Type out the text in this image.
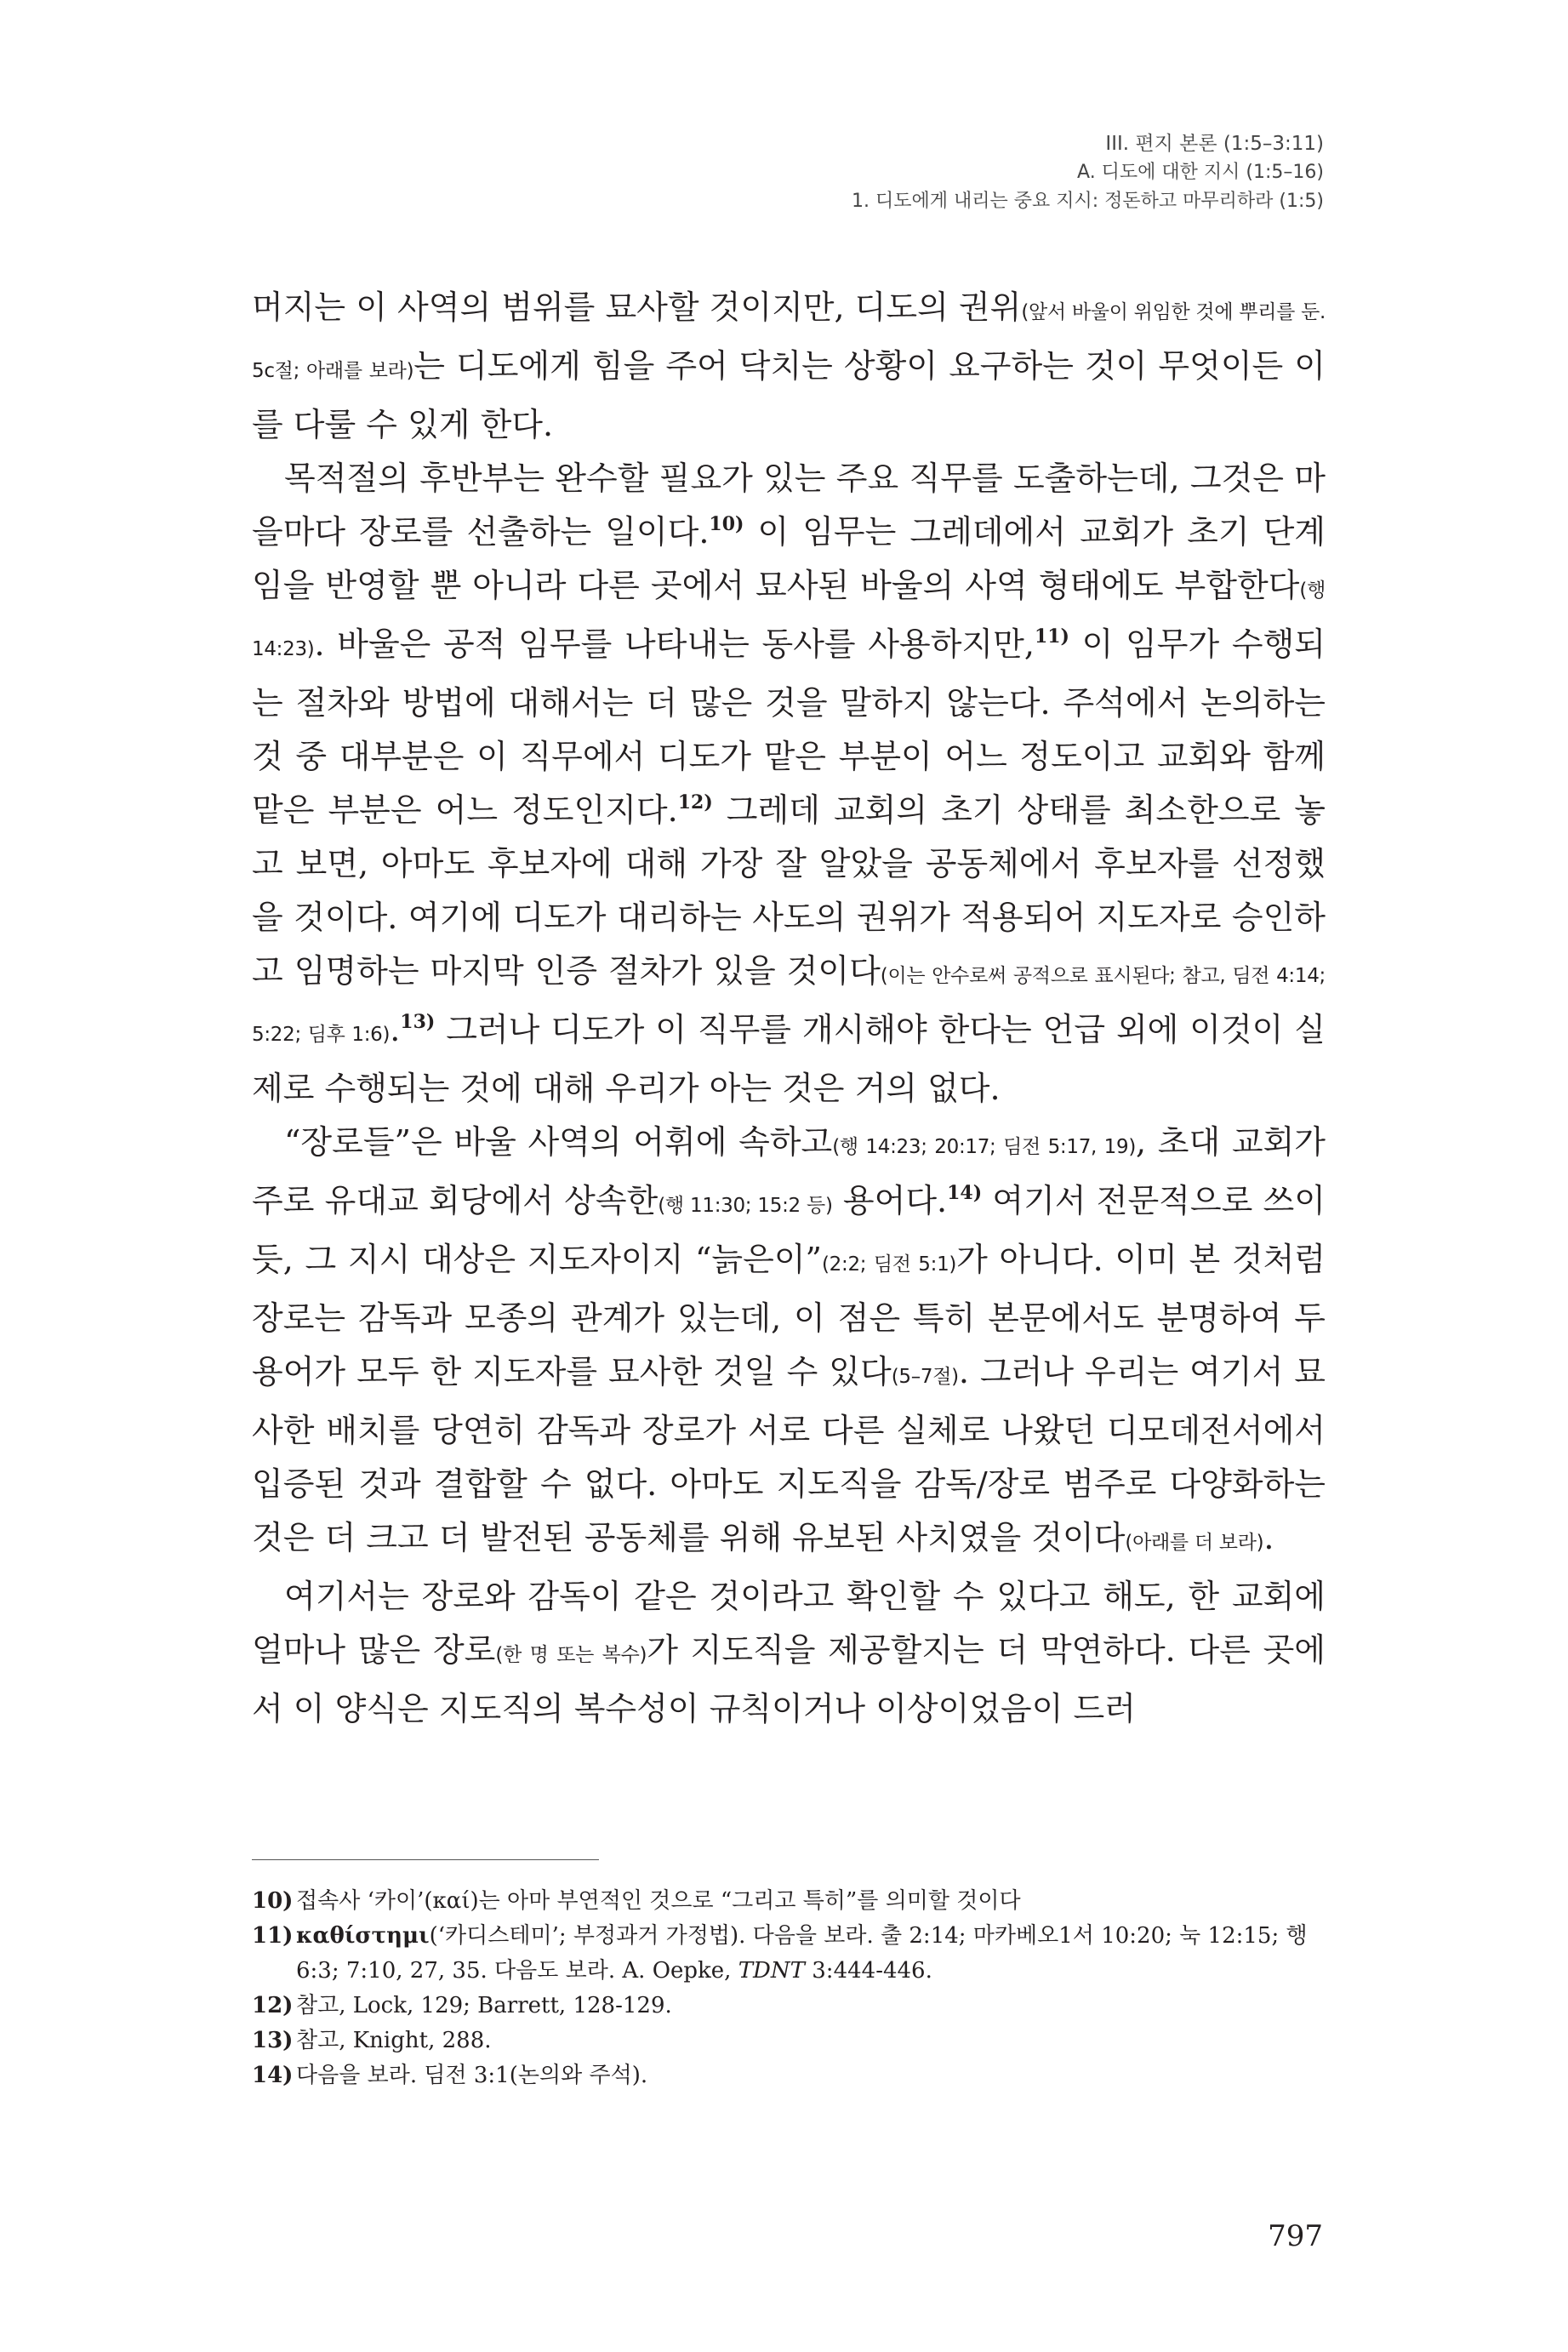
III. 편지 본론 (1:5–3:11)
A. 디도에 대한 지시 (1:5–16)
1. 디도에게 내리는 중요 지시: 정돈하고 마무리하라 (1:5)

머지는 이 사역의 범위를 묘사할 것이지만, 디도의 권위(앞서 바울이 위임한 것에 뿌리를 둔. 5c절; 아래를 보라)는 디도에게 힘을 주어 닥치는 상황이 요구하는 것이 무엇이든 이를 다룰 수 있게 한다.

목적절의 후반부는 완수할 필요가 있는 주요 직무를 도출하는데, 그것은 마을마다 장로를 선출하는 일이다.$^{10)}$ 이 임무는 그레데에서 교회가 초기 단계임을 반영할 뿐 아니라 다른 곳에서 묘사된 바울의 사역 형태에도 부합한다(행 14:23). 바울은 공적 임무를 나타내는 동사를 사용하지만,$^{11)}$ 이 임무가 수행되는 절차와 방법에 대해서는 더 많은 것을 말하지 않는다. 주석에서 논의하는 것 중 대부분은 이 직무에서 디도가 맡은 부분이 어느 정도이고 교회와 함께 맡은 부분은 어느 정도인지다.$^{12)}$ 그레데 교회의 초기 상태를 최소한으로 놓고 보면, 아마도 후보자에 대해 가장 잘 알았을 공동체에서 후보자를 선정했을 것이다. 여기에 디도가 대리하는 사도의 권위가 적용되어 지도자로 승인하고 임명하는 마지막 인증 절차가 있을 것이다(이는 안수로써 공적으로 표시된다; 참고, 딤전 4:14; 5:22; 딤후 1:6).$^{13)}$ 그러나 디도가 이 직무를 개시해야 한다는 언급 외에 이것이 실제로 수행되는 것에 대해 우리가 아는 것은 거의 없다.

“장로들”은 바울 사역의 어휘에 속하고(행 14:23; 20:17; 딤전 5:17, 19), 초대 교회가 주로 유대교 회당에서 상속한(행 11:30; 15:2 등) 용어다.$^{14)}$ 여기서 전문적으로 쓰이듯, 그 지시 대상은 지도자이지 “늙은이”(2:2; 딤전 5:1)가 아니다. 이미 본 것처럼 장로는 감독과 모종의 관계가 있는데, 이 점은 특히 본문에서도 분명하여 두 용어가 모두 한 지도자를 묘사한 것일 수 있다(5–7절). 그러나 우리는 여기서 묘사한 배치를 당연히 감독과 장로가 서로 다른 실체로 나왔던 디모데전서에서 입증된 것과 결합할 수 없다. 아마도 지도직을 감독/장로 범주로 다양화하는 것은 더 크고 더 발전된 공동체를 위해 유보된 사치였을 것이다(아래를 더 보라).

여기서는 장로와 감독이 같은 것이라고 확인할 수 있다고 해도, 한 교회에 얼마나 많은 장로(한 명 또는 복수)가 지도직을 제공할지는 더 막연하다. 다른 곳에서 이 양식은 지도직의 복수성이 규칙이거나 이상이었음이 드러

10) 접속사 ‘카이’(καί)는 아마 부연적인 것으로 “그리고 특히”를 의미할 것이다
11) καθίστημι(‘카디스테미’; 부정과거 가정법). 다음을 보라. 출 2:14; 마카베오1서 10:20; 눅 12:15; 행 6:3; 7:10, 27, 35. 다음도 보라. A. Oepke, TDNT 3:444-446.
12) 참고, Lock, 129; Barrett, 128-129.
13) 참고, Knight, 288.
14) 다음을 보라. 딤전 3:1(논의와 주석).
797
